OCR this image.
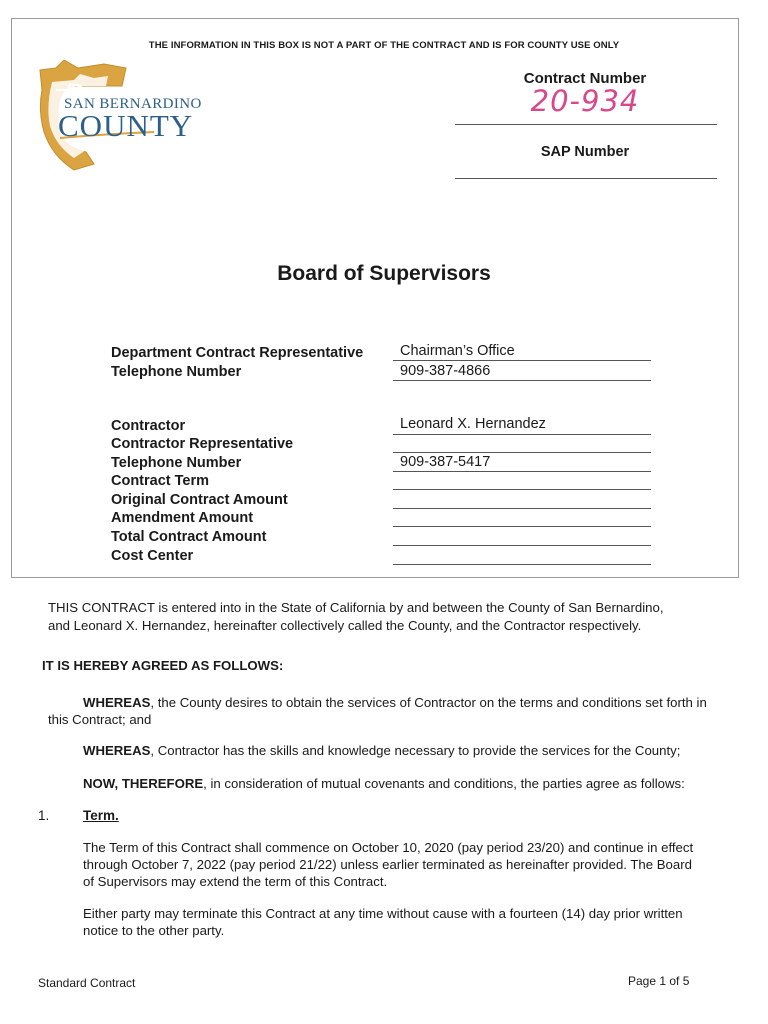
THE INFORMATION IN THIS BOX IS NOT A PART OF THE CONTRACT AND IS FOR COUNTY USE ONLY
SAN BERNARDINO
COUNTY
Contract Number
20-934
SAP Number
Board of Supervisors
Department Contract Representative	Chairman’s Office
Telephone Number	909-387-4866
Contractor	Leonard X. Hernandez
Contractor Representative
Telephone Number	909-387-5417
Contract Term
Original Contract Amount
Amendment Amount
Total Contract Amount
Cost Center
THIS CONTRACT is entered into in the State of California by and between the County of San Bernardino,
and Leonard X. Hernandez, hereinafter collectively called the County, and the Contractor respectively.
IT IS HEREBY AGREED AS FOLLOWS:
WHEREAS, the County desires to obtain the services of Contractor on the terms and conditions set forth in
this Contract; and
WHEREAS, Contractor has the skills and knowledge necessary to provide the services for the County;
NOW, THEREFORE, in consideration of mutual covenants and conditions, the parties agree as follows:
1. Term.
The Term of this Contract shall commence on October 10, 2020 (pay period 23/20) and continue in effect
through October 7, 2022 (pay period 21/22) unless earlier terminated as hereinafter provided. The Board
of Supervisors may extend the term of this Contract.
Either party may terminate this Contract at any time without cause with a fourteen (14) day prior written
notice to the other party.
Standard Contract	Page 1 of 5
